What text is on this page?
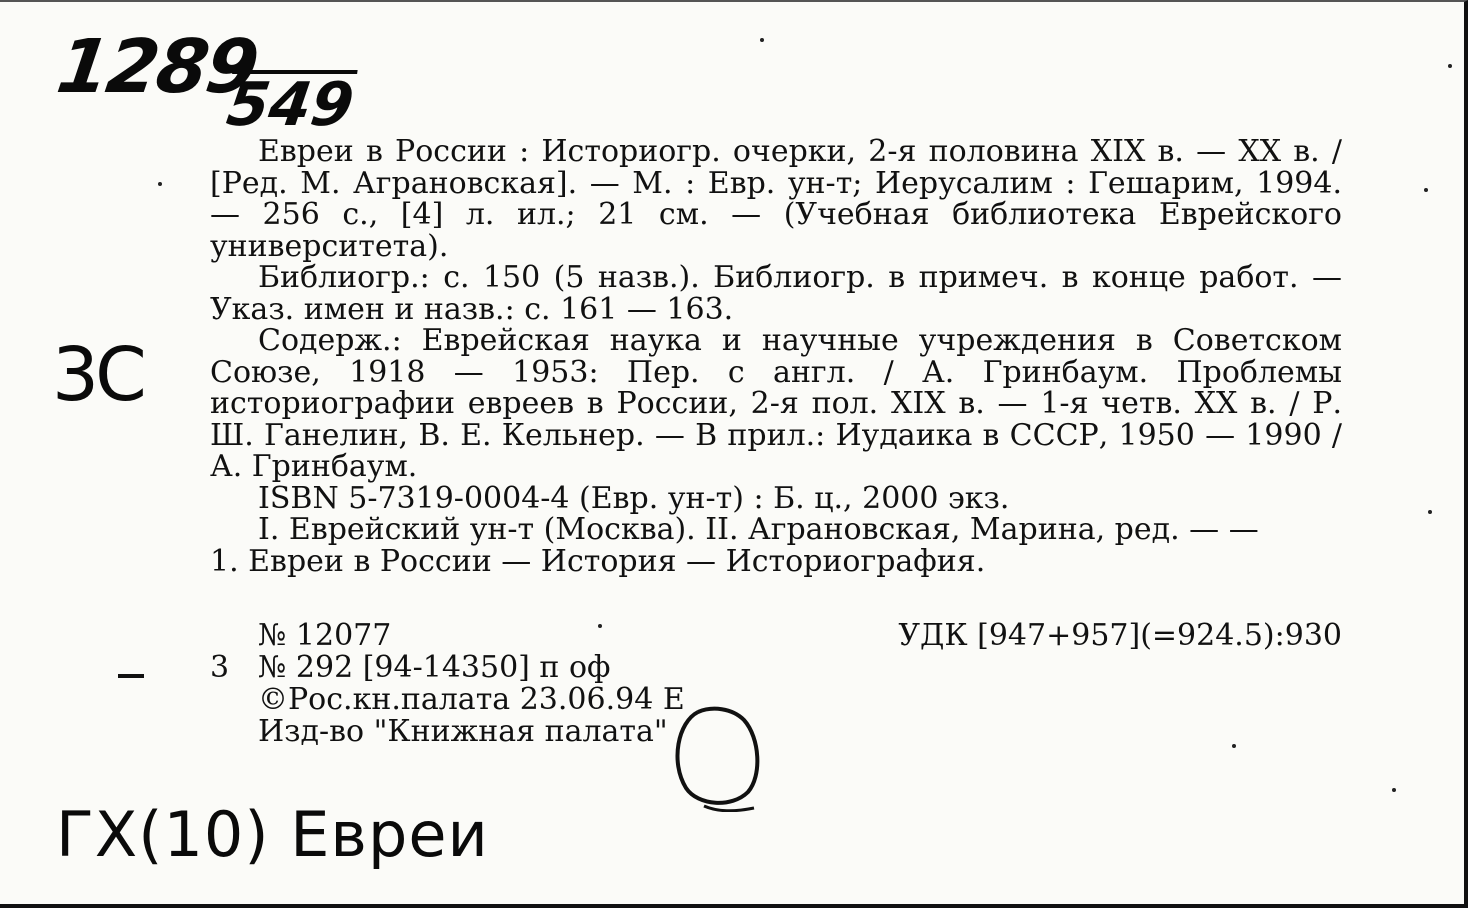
1289
549
3C

Евреи в России : Историогр. очерки, 2-я половина XIX в. — XX в. / [Ред. М. Аграновская]. — М. : Евр. ун-т; Иерусалим : Гешарим, 1994. — 256 с., [4] л. ил.; 21 см. — (Учебная библиотека Еврейского университета).

Библиогр.: с. 150 (5 назв.). Библиогр. в примеч. в конце работ. — Указ. имен и назв.: с. 161 — 163.

Содерж.: Еврейская наука и научные учреждения в Советском Союзе, 1918 — 1953: Пер. с англ. / А. Гринбаум. Проблемы историографии евреев в России, 2-я пол. XIX в. — 1-я четв. XX в. / Р. Ш. Ганелин, В. Е. Кельнер. — В прил.: Иудаика в СССР, 1950 — 1990 / А. Гринбаум.

ISBN 5-7319-0004-4 (Евр. ун-т) : Б. ц., 2000 экз.

I. Еврейский ун-т (Москва). II. Аграновская, Марина, ред. — —

1. Евреи в России — История — Историография.

№ 12077	УДК [947+957](=924.5):930
3 № 292 [94-14350] п оф
©Рос.кн.палата 23.06.94 Е
Изд-во "Книжная палата"
ГХ(10) Евреи
